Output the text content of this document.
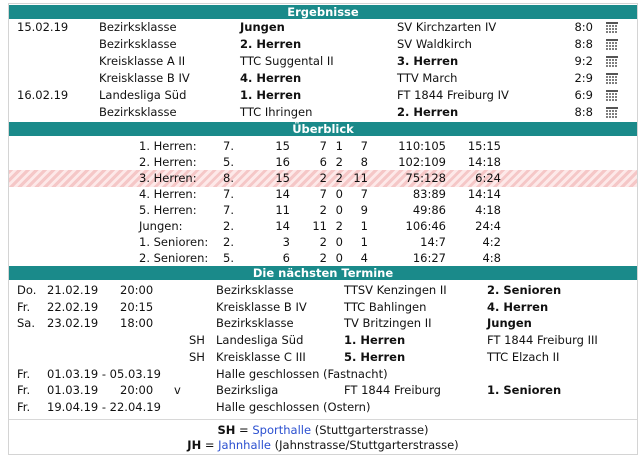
Ergebnisse
15.02.19	Bezirksklasse	Jungen	SV Kirchzarten IV	8:0
Bezirksklasse	2. Herren	SV Waldkirch	8:8
Kreisklasse A II	TTC Suggental II	3. Herren	9:2
Kreisklasse B IV	4. Herren	TTV March	2:9
16.02.19	Landesliga Süd	1. Herren	FT 1844 Freiburg IV	6:9
Bezirksklasse	TTC Ihringen	2. Herren	8:8
Überblick
1. Herren: 7.	15	7 1 7	110:105 15:15
2. Herren: 5.	16	6 2 8	102:109 14:18
3. Herren: 8.	15	2 2 11	75:128	6:24
4. Herren: 7.	14	7 0 7	83:89 14:14
5. Herren: 7.	11	2 0 9	49:86	4:18
Jungen:	2.	14 11 2 1	106:46	24:4
1. Senioren: 2.	3	2 0 1	14:7	4:2
2. Senioren: 5.	6	2 0 4	16:27	4:8
Die nächsten Termine
Do. 21.02.19 20:00	Bezirksklasse	TTSV Kenzingen II	2. Senioren
Fr. 22.02.19 20:15	Kreisklasse B IV	TTC Bahlingen	4. Herren
Sa. 23.02.19 18:00	Bezirksklasse	TV Britzingen II	Jungen
SH Landesliga Süd	1. Herren	FT 1844 Freiburg III
SH Kreisklasse C III	5. Herren	TTC Elzach II
Fr. 01.03.19 - 05.03.19	Halle geschlossen (Fastnacht)
Fr. 01.03.19 20:00 v	Bezirksliga	FT 1844 Freiburg	1. Senioren
Fr. 19.04.19 - 22.04.19	Halle geschlossen (Ostern)
SH = Sporthalle (Stuttgarterstrasse)
JH = Jahnhalle (Jahnstrasse/Stuttgarterstrasse)
